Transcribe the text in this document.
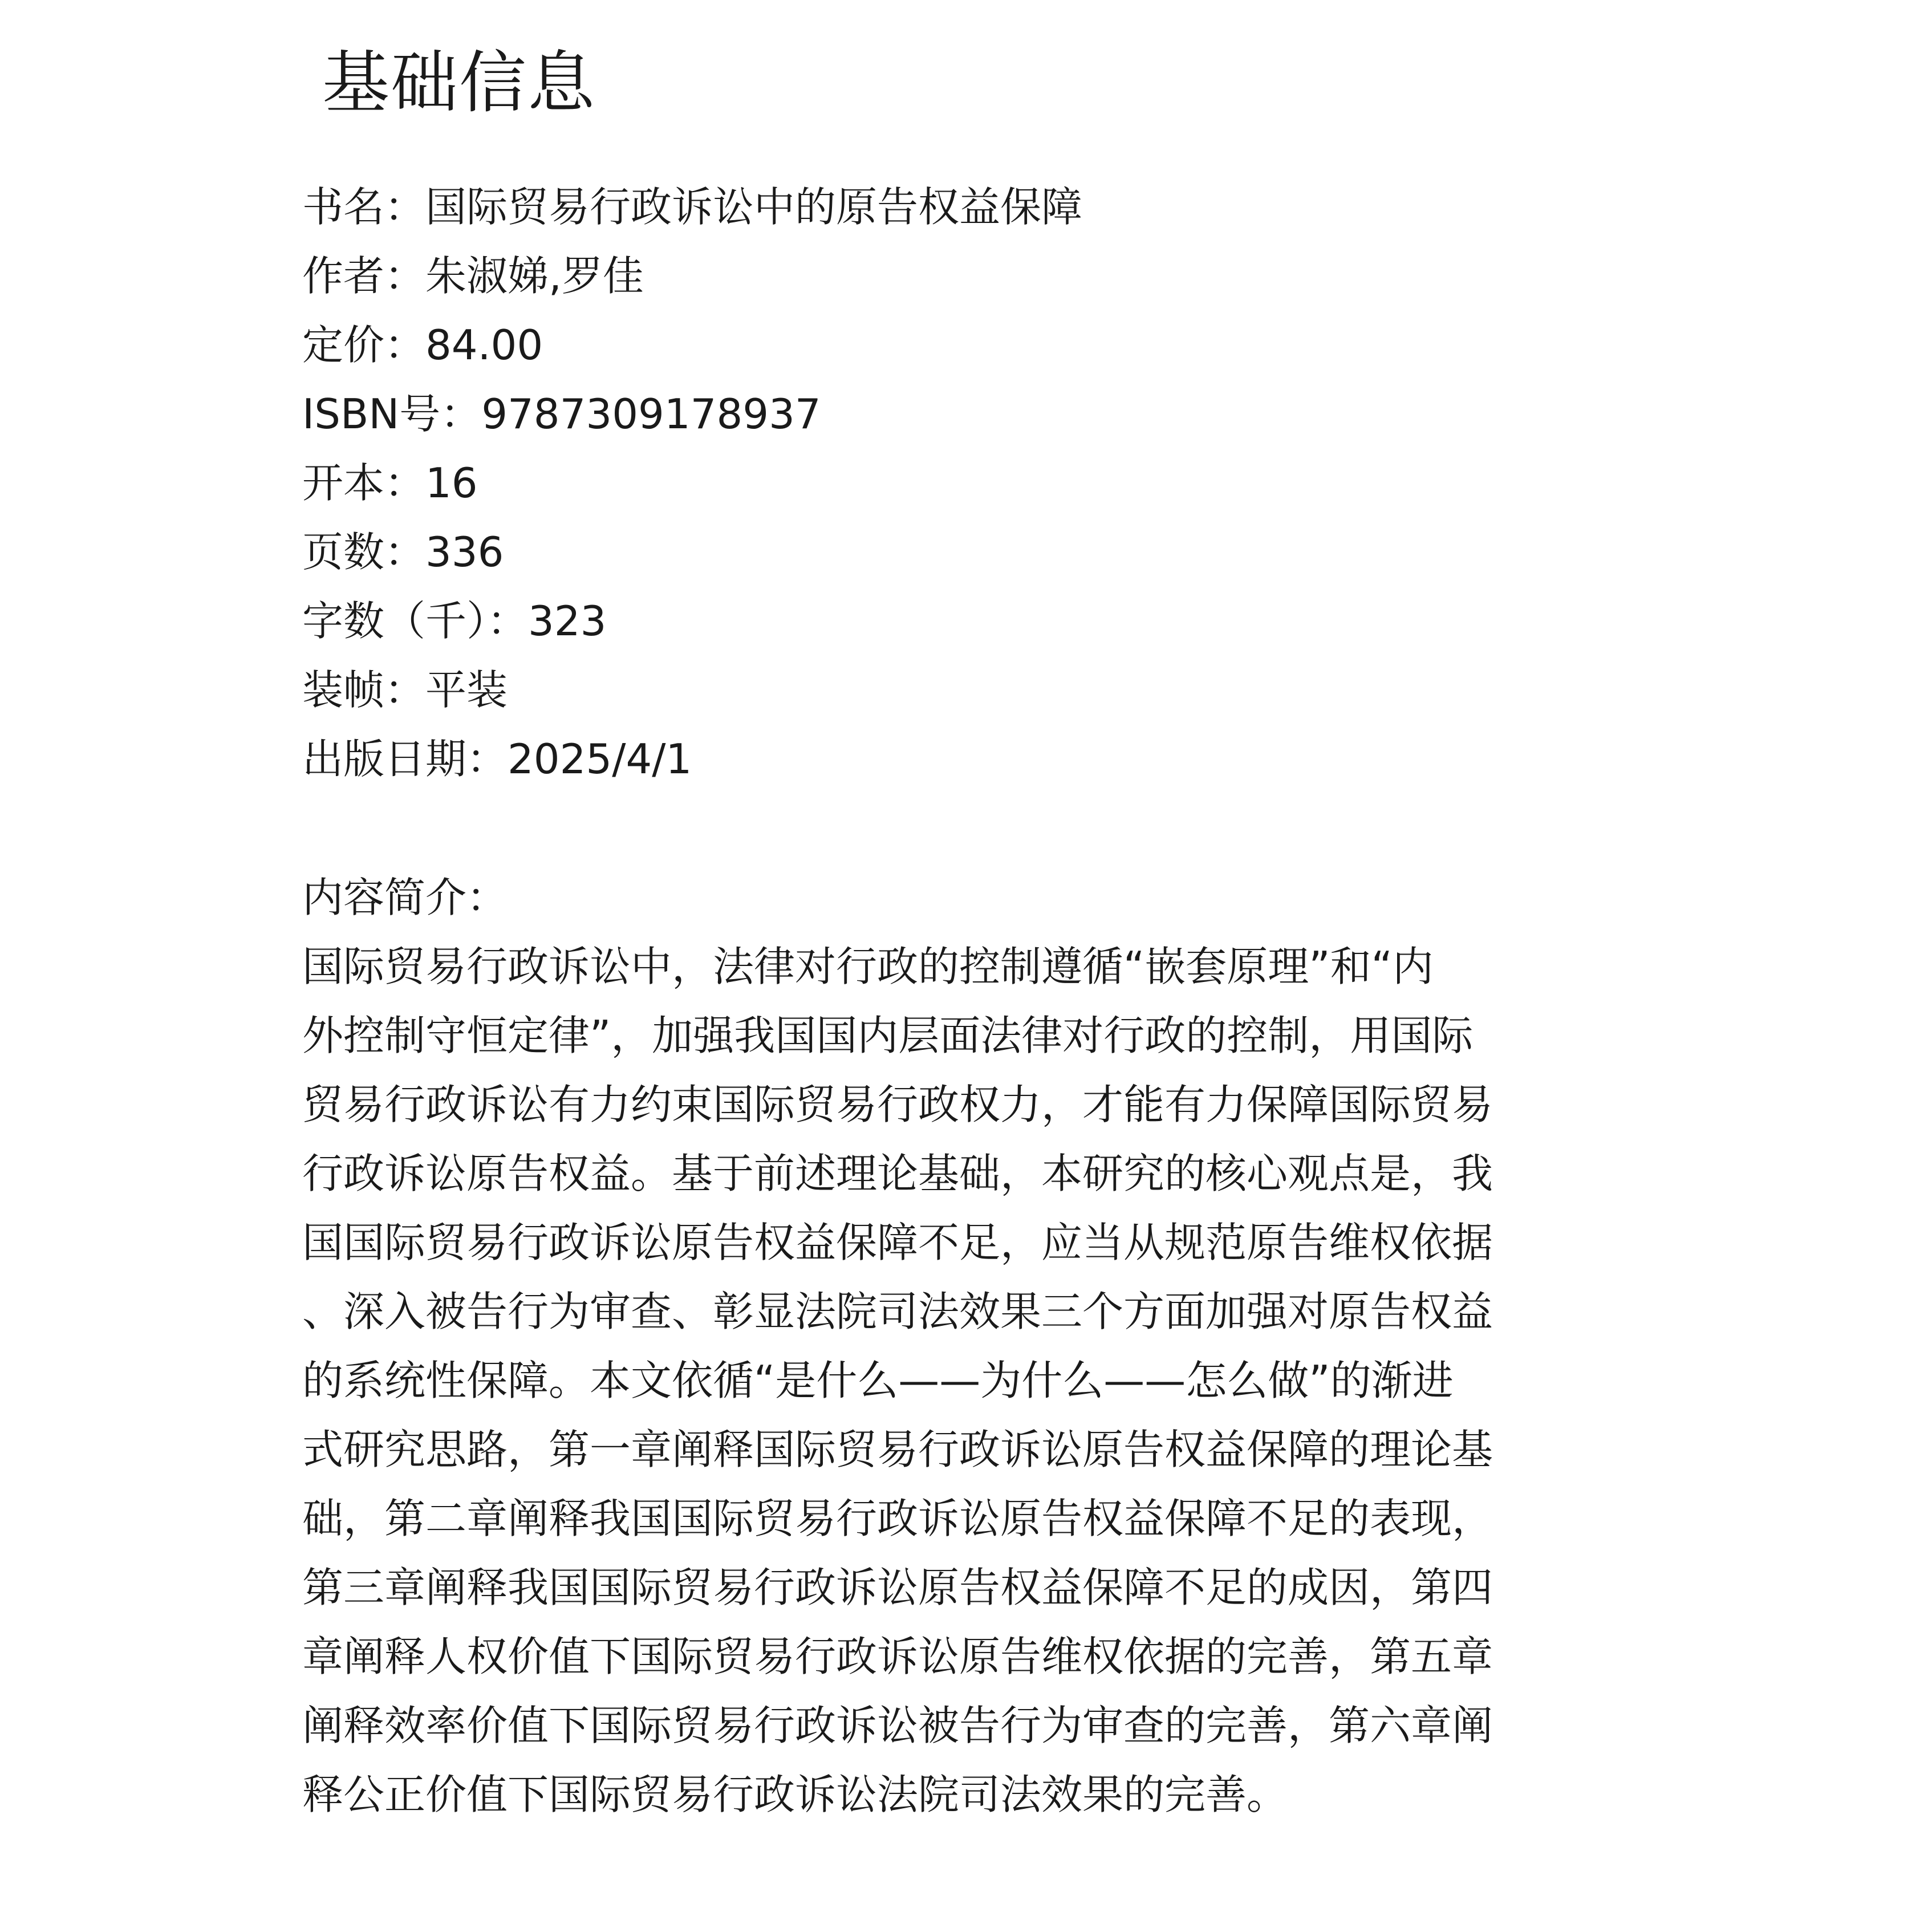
基础信息
书名：国际贸易行政诉讼中的原告权益保障
作者：朱淑娣,罗佳
定价：84.00
ISBN号：9787309178937
开本：16
页数：336
字数（千）：323
装帧：平装
出版日期：2025/4/1
内容简介：
国际贸易行政诉讼中，法律对行政的控制遵循“嵌套原理”和“内
外控制守恒定律”，加强我国国内层面法律对行政的控制，用国际
贸易行政诉讼有力约束国际贸易行政权力，才能有力保障国际贸易
行政诉讼原告权益。基于前述理论基础，本研究的核心观点是，我
国国际贸易行政诉讼原告权益保障不足，应当从规范原告维权依据
、深入被告行为审查、彰显法院司法效果三个方面加强对原告权益
的系统性保障。本文依循“是什么——为什么——怎么做”的渐进
式研究思路，第一章阐释国际贸易行政诉讼原告权益保障的理论基
础，第二章阐释我国国际贸易行政诉讼原告权益保障不足的表现，
第三章阐释我国国际贸易行政诉讼原告权益保障不足的成因，第四
章阐释人权价值下国际贸易行政诉讼原告维权依据的完善，第五章
阐释效率价值下国际贸易行政诉讼被告行为审查的完善，第六章阐
释公正价值下国际贸易行政诉讼法院司法效果的完善。
